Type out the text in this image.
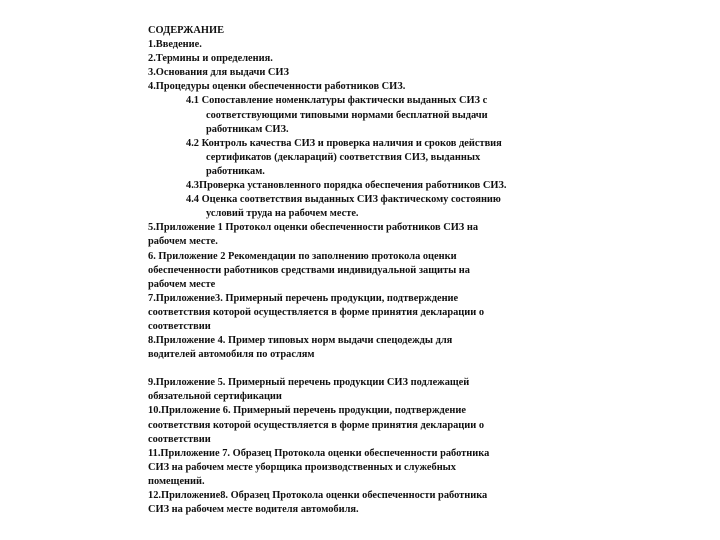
СОДЕРЖАНИЕ
1.Введение.
2.Термины и определения.
3.Основания для выдачи СИЗ
4.Процедуры оценки обеспеченности работников СИЗ.
4.1 Сопоставление номенклатуры фактически выданных СИЗ с
соответствующими типовыми нормами бесплатной выдачи
работникам СИЗ.
4.2 Контроль качества СИЗ и проверка наличия и сроков действия
сертификатов (деклараций) соответствия СИЗ, выданных
работникам.
4.3Проверка установленного порядка обеспечения работников СИЗ.
4.4 Оценка соответствия выданных СИЗ фактическому состоянию
условий труда на рабочем месте.
5.Приложение 1 Протокол оценки обеспеченности работников СИЗ на
рабочем месте.
6. Приложение 2 Рекомендации по заполнению протокола оценки
обеспеченности работников средствами индивидуальной защиты на
рабочем месте
7.Приложение3. Примерный перечень продукции, подтверждение
соответствия которой осуществляется в форме принятия декларации о
соответствии
8.Приложение 4. Пример типовых норм выдачи спецодежды для
водителей автомобиля по отраслям
9.Приложение 5. Примерный перечень продукции СИЗ подлежащей
обязательной сертификации
10.Приложение 6. Примерный перечень продукции, подтверждение
соответствия которой осуществляется в форме принятия декларации о
соответствии
11.Приложение 7. Образец Протокола оценки обеспеченности работника
СИЗ на рабочем месте уборщика производственных и служебных
помещений.
12.Приложение8. Образец Протокола оценки обеспеченности работника
СИЗ на рабочем месте водителя автомобиля.
